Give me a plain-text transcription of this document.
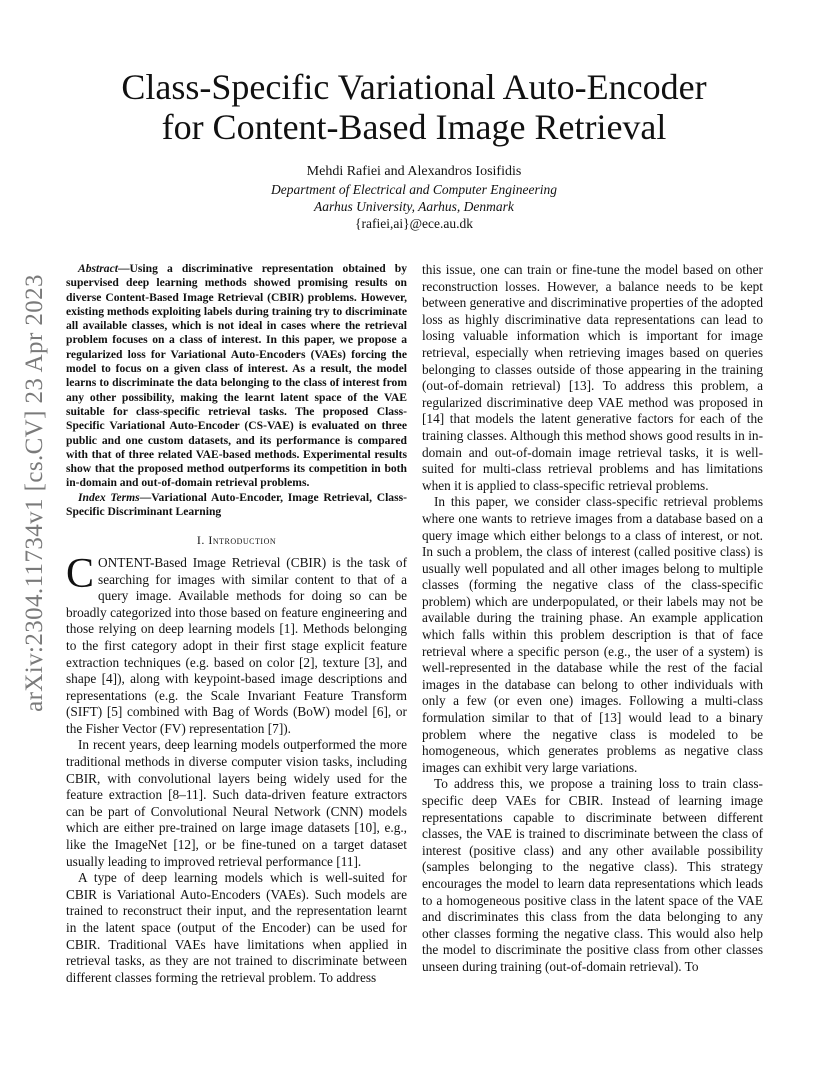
arXiv:2304.11734v1 [cs.CV] 23 Apr 2023
Class-Specific Variational Auto-Encoder
for Content-Based Image Retrieval
Mehdi Rafiei and Alexandros Iosifidis
Department of Electrical and Computer Engineering
Aarhus University, Aarhus, Denmark
{rafiei,ai}@ece.au.dk

Abstract—Using a discriminative representation obtained by supervised deep learning methods showed promising results on diverse Content-Based Image Retrieval (CBIR) problems. However, existing methods exploiting labels during training try to discriminate all available classes, which is not ideal in cases where the retrieval problem focuses on a class of interest. In this paper, we propose a regularized loss for Variational Auto-Encoders (VAEs) forcing the model to focus on a given class of interest. As a result, the model learns to discriminate the data belonging to the class of interest from any other possibility, making the learnt latent space of the VAE suitable for class-specific retrieval tasks. The proposed Class-Specific Variational Auto-Encoder (CS-VAE) is evaluated on three public and one custom datasets, and its performance is compared with that of three related VAE-based methods. Experimental results show that the proposed method outperforms its competition in both in-domain and out-of-domain retrieval problems.

Index Terms—Variational Auto-Encoder, Image Retrieval, Class-Specific Discriminant Learning

I. Introduction

CONTENT-Based Image Retrieval (CBIR) is the task of searching for images with similar content to that of a query image. Available methods for doing so can be broadly categorized into those based on feature engineering and those relying on deep learning models [1]. Methods belonging to the first category adopt in their first stage explicit feature extraction techniques (e.g. based on color [2], texture [3], and shape [4]), along with keypoint-based image descriptions and representations (e.g. the Scale Invariant Feature Transform (SIFT) [5] combined with Bag of Words (BoW) model [6], or the Fisher Vector (FV) representation [7]).

In recent years, deep learning models outperformed the more traditional methods in diverse computer vision tasks, including CBIR, with convolutional layers being widely used for the feature extraction [8–11]. Such data-driven feature extractors can be part of Convolutional Neural Network (CNN) models which are either pre-trained on large image datasets [10], e.g., like the ImageNet [12], or be fine-tuned on a target dataset usually leading to improved retrieval performance [11].

A type of deep learning models which is well-suited for CBIR is Variational Auto-Encoders (VAEs). Such models are trained to reconstruct their input, and the representation learnt in the latent space (output of the Encoder) can be used for CBIR. Traditional VAEs have limitations when applied in retrieval tasks, as they are not trained to discriminate between different classes forming the retrieval problem. To address

this issue, one can train or fine-tune the model based on other reconstruction losses. However, a balance needs to be kept between generative and discriminative properties of the adopted loss as highly discriminative data representations can lead to losing valuable information which is important for image retrieval, especially when retrieving images based on queries belonging to classes outside of those appearing in the training (out-of-domain retrieval) [13]. To address this problem, a regularized discriminative deep VAE method was proposed in [14] that models the latent generative factors for each of the training classes. Although this method shows good results in in-domain and out-of-domain image retrieval tasks, it is well-suited for multi-class retrieval problems and has limitations when it is applied to class-specific retrieval problems.

In this paper, we consider class-specific retrieval problems where one wants to retrieve images from a database based on a query image which either belongs to a class of interest, or not. In such a problem, the class of interest (called positive class) is usually well populated and all other images belong to multiple classes (forming the negative class of the class-specific problem) which are underpopulated, or their labels may not be available during the training phase. An example application which falls within this problem description is that of face retrieval where a specific person (e.g., the user of a system) is well-represented in the database while the rest of the facial images in the database can belong to other individuals with only a few (or even one) images. Following a multi-class formulation similar to that of [13] would lead to a binary problem where the negative class is modeled to be homogeneous, which generates problems as negative class images can exhibit very large variations.

To address this, we propose a training loss to train class-specific deep VAEs for CBIR. Instead of learning image representations capable to discriminate between different classes, the VAE is trained to discriminate between the class of interest (positive class) and any other available possibility (samples belonging to the negative class). This strategy encourages the model to learn data representations which leads to a homogeneous positive class in the latent space of the VAE and discriminates this class from the data belonging to any other classes forming the negative class. This would also help the model to discriminate the positive class from other classes unseen during training (out-of-domain retrieval). To
